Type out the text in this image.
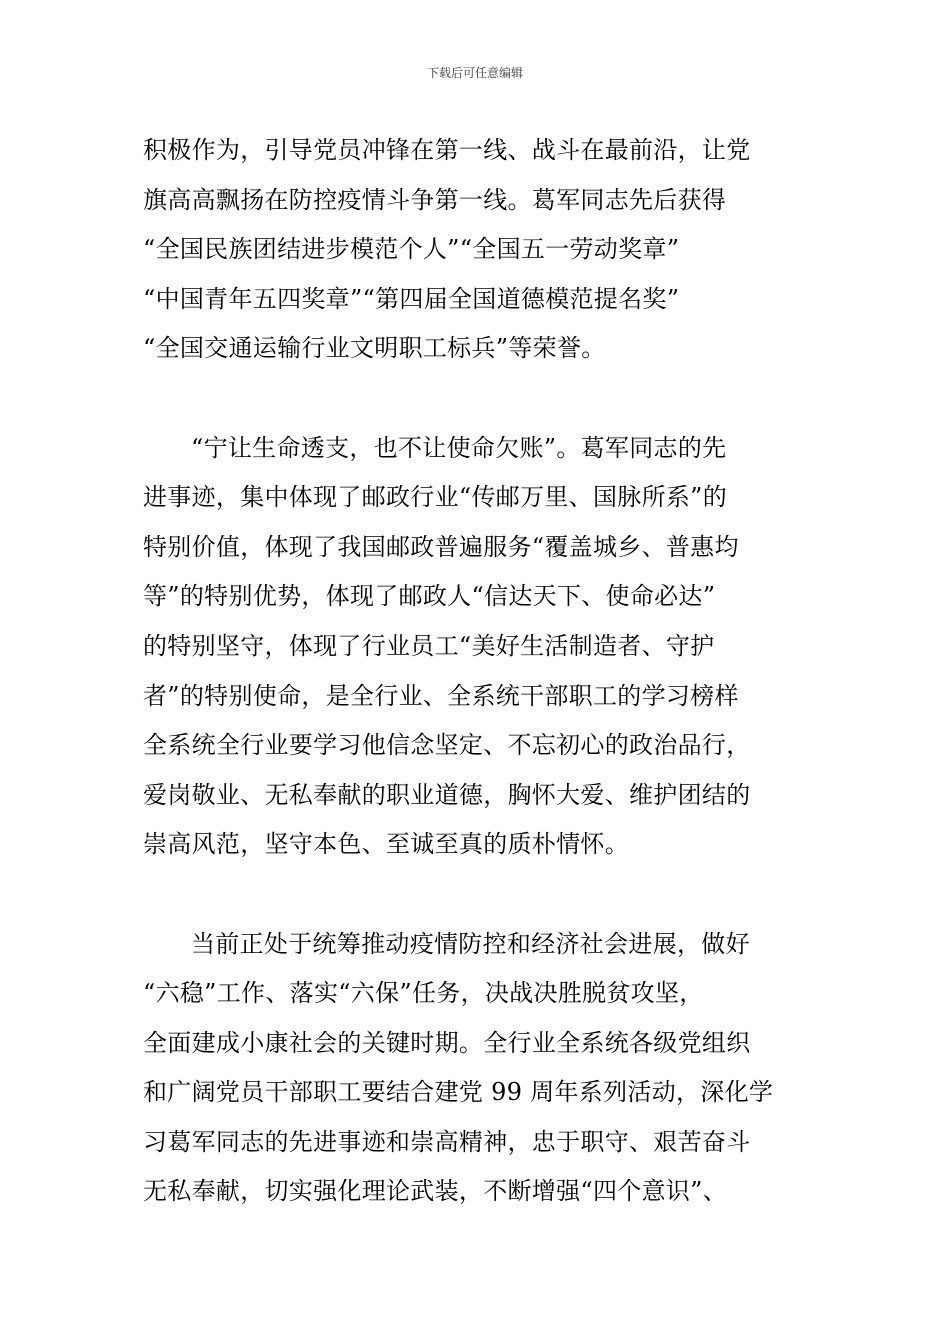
下载后可任意编辑
积极作为，引导党员冲锋在第一线、战斗在最前沿，让党
旗高高飘扬在防控疫情斗争第一线。葛军同志先后获得
“全国民族团结进步模范个人”“全国五一劳动奖章”
“中国青年五四奖章”“第四届全国道德模范提名奖”
“全国交通运输行业文明职工标兵”等荣誉。
“宁让生命透支，也不让使命欠账”。葛军同志的先
进事迹，集中体现了邮政行业“传邮万里、国脉所系”的
特别价值，体现了我国邮政普遍服务“覆盖城乡、普惠均
等”的特别优势，体现了邮政人“信达天下、使命必达”
的特别坚守，体现了行业员工“美好生活制造者、守护
者”的特别使命，是全行业、全系统干部职工的学习榜样
全系统全行业要学习他信念坚定、不忘初心的政治品行，
爱岗敬业、无私奉献的职业道德，胸怀大爱、维护团结的
崇高风范，坚守本色、至诚至真的质朴情怀。
当前正处于统筹推动疫情防控和经济社会进展，做好
“六稳”工作、落实“六保”任务，决战决胜脱贫攻坚，
全面建成小康社会的关键时期。全行业全系统各级党组织
和广阔党员干部职工要结合建党 99 周年系列活动，深化学
习葛军同志的先进事迹和崇高精神，忠于职守、艰苦奋斗
无私奉献，切实强化理论武装，不断增强“四个意识”、
